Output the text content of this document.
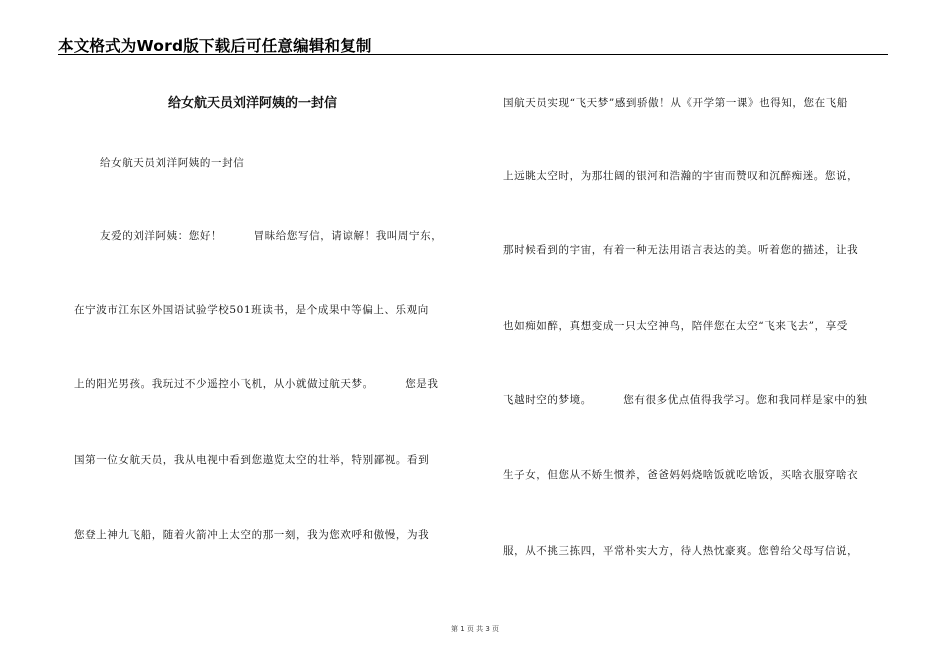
本文格式为Word版下载后可任意编辑和复制
给女航天员刘洋阿姨的一封信
给女航天员刘洋阿姨的一封信
友爱的刘洋阿姨：您好！        冒昧给您写信，请谅解！我叫周宁东，
在宁波市江东区外国语试验学校501班读书，是个成果中等偏上、乐观向
上的阳光男孩。我玩过不少遥控小飞机，从小就做过航天梦。        您是我
国第一位女航天员，我从电视中看到您遨览太空的壮举，特别鄙视。看到
您登上神九飞船，随着火箭冲上太空的那一刻，我为您欢呼和傲慢，为我
国航天员实现“飞天梦”感到骄傲！从《开学第一课》也得知，您在飞船
上远眺太空时，为那壮阔的银河和浩瀚的宇宙而赞叹和沉醉痴迷。您说，
那时候看到的宇宙，有着一种无法用语言表达的美。听着您的描述，让我
也如痴如醉，真想变成一只太空神鸟，陪伴您在太空“飞来飞去”，享受
飞越时空的梦境。        您有很多优点值得我学习。您和我同样是家中的独
生子女，但您从不娇生惯养，爸爸妈妈烧啥饭就吃啥饭，买啥衣服穿啥衣
服，从不挑三拣四，平常朴实大方，待人热忱豪爽。您曾给父母写信说，
第 1 页 共 3 页
